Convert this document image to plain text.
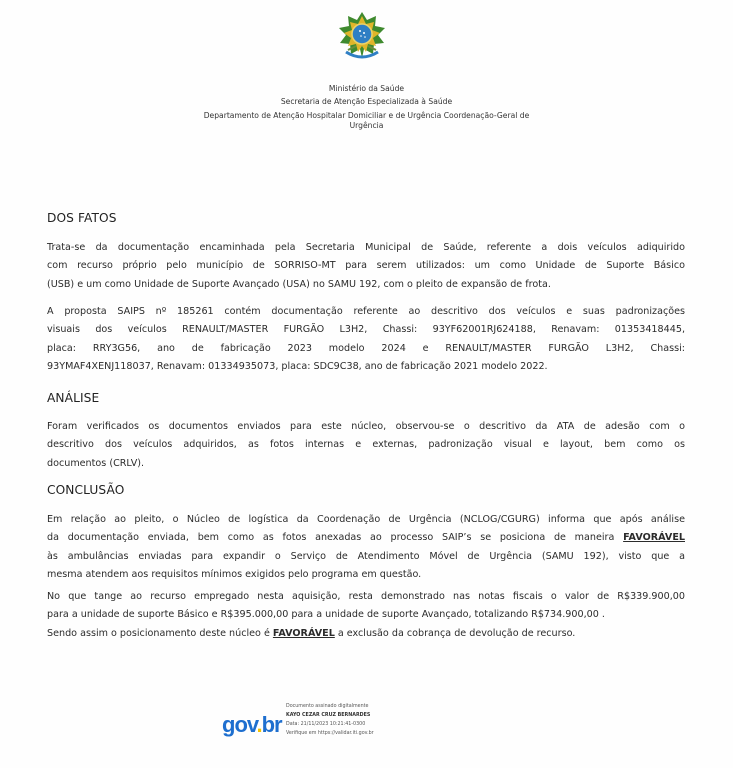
Ministério da Saúde
Secretaria de Atenção Especializada à Saúde
Departamento de Atenção Hospitalar Domiciliar e de Urgência Coordenação-Geral de
Urgência
DOS FATOS
Trata-se da documentação encaminhada pela Secretaria Municipal de Saúde, referente a dois veículos adiquirido
com recurso próprio pelo município de SORRISO-MT para serem utilizados: um como Unidade de Suporte Básico
(USB) e um como Unidade de Suporte Avançado (USA) no SAMU 192, com o pleito de expansão de frota.
A proposta SAIPS nº 185261 contém documentação referente ao descritivo dos veículos e suas padronizações
visuais dos veículos RENAULT/MASTER FURGÃO L3H2, Chassi: 93YF62001RJ624188, Renavam: 01353418445,
placa: RRY3G56, ano de fabricação 2023 modelo 2024 e RENAULT/MASTER FURGÃO L3H2, Chassi:
93YMAF4XENJ118037, Renavam: 01334935073, placa: SDC9C38, ano de fabricação 2021 modelo 2022.
ANÁLISE
Foram verificados os documentos enviados para este núcleo, observou-se o descritivo da ATA de adesão com o
descritivo dos veículos adquiridos, as fotos internas e externas, padronização visual e layout, bem como os
documentos (CRLV).
CONCLUSÃO
Em relação ao pleito, o Núcleo de logística da Coordenação de Urgência (NCLOG/CGURG) informa que após análise
da documentação enviada, bem como as fotos anexadas ao processo SAIP’s se posiciona de maneira FAVORÁVEL
às ambulâncias enviadas para expandir o Serviço de Atendimento Móvel de Urgência (SAMU 192), visto que a
mesma atendem aos requisitos mínimos exigidos pelo programa em questão.
No que tange ao recurso empregado nesta aquisição, resta demonstrado nas notas fiscais o valor de R$339.900,00
para a unidade de suporte Básico e R$395.000,00 para a unidade de suporte Avançado, totalizando R$734.900,00 .
Sendo assim o posicionamento deste núcleo é FAVORÁVEL a exclusão da cobrança de devolução de recurso.
gov.br
Documento assinado digitalmente
KAYO CEZAR CRUZ BERNARDES
Data: 21/11/2023 10:21:41-0300
Verifique em https://validar.iti.gov.br
